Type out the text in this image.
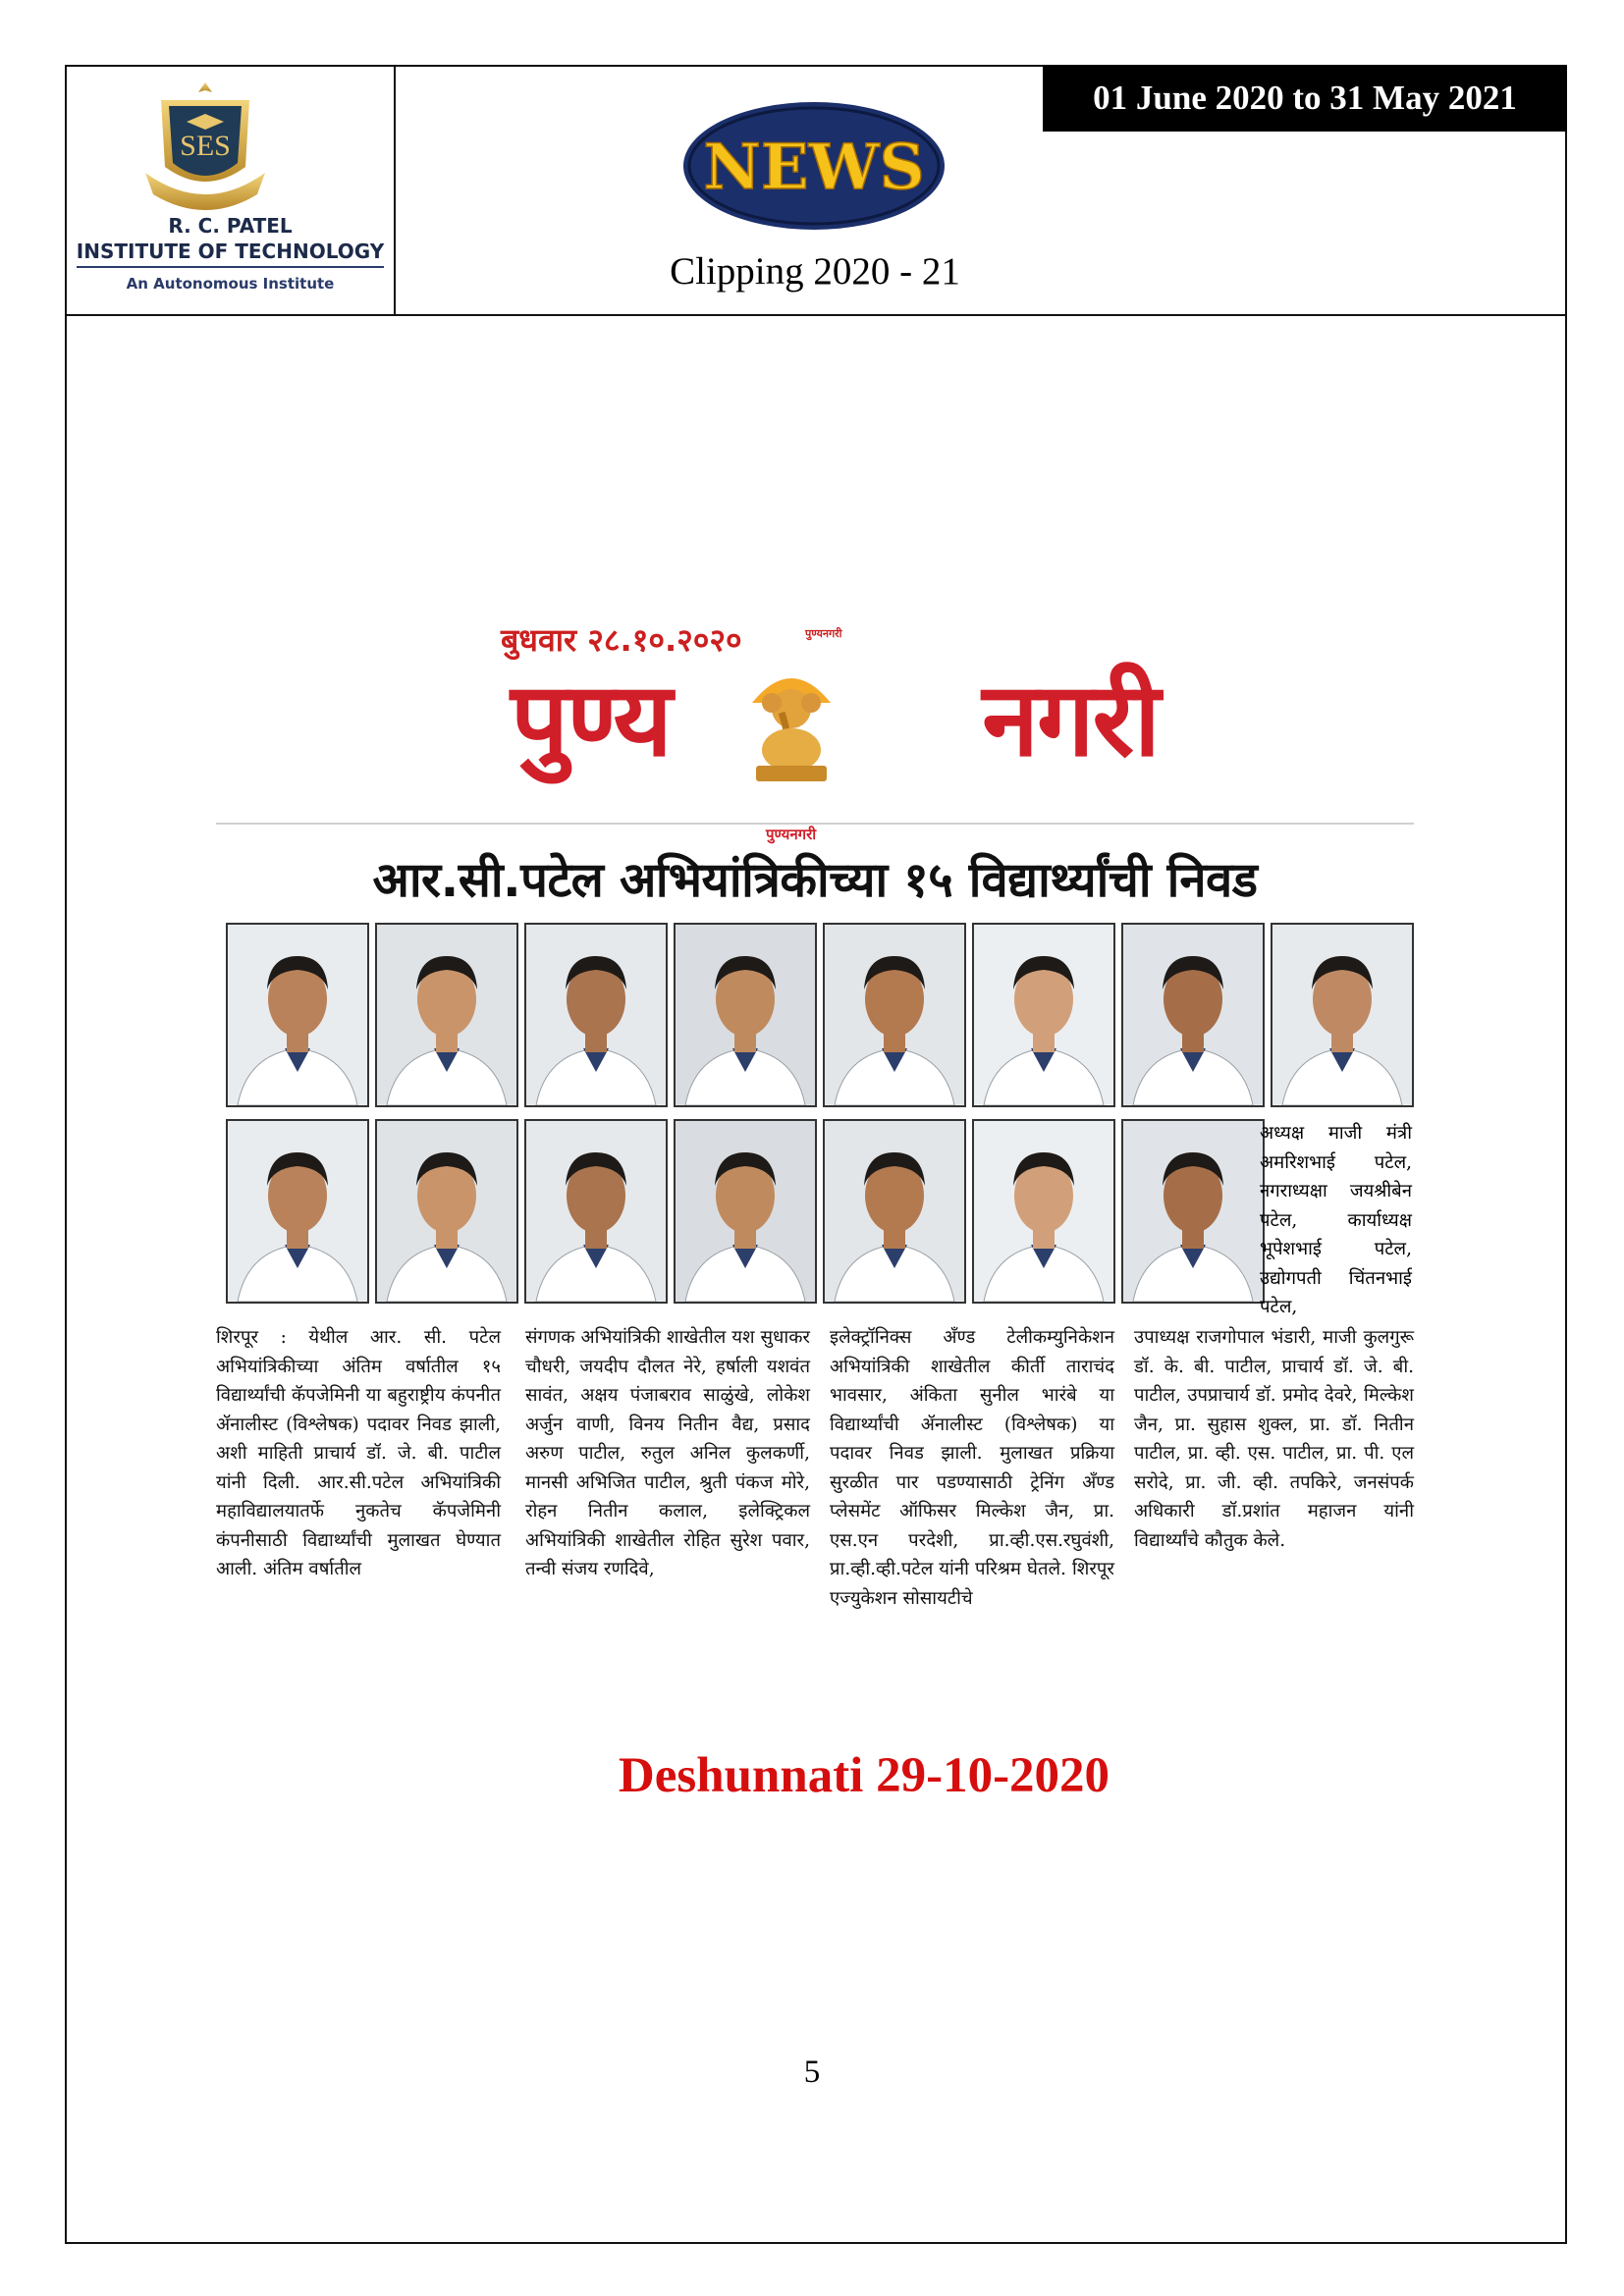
SES
R. C. PATEL
INSTITUTE OF TECHNOLOGY
An Autonomous Institute
01 June 2020 to 31 May 2021
NEWS
Clipping 2020 - 21
बुधवार २८.१०.२०२०	पुण्यनगरी
पुण्य	नगरी
पुण्यनगरी
आर.सी.पटेल अभियांत्रिकीच्या १५ विद्यार्थ्यांची निवड
अध्यक्ष माजी मंत्री अमरिशभाई पटेल, नगराध्यक्षा जयश्रीबेन पटेल, कार्याध्यक्ष भूपेशभाई पटेल, उद्योगपती चिंतनभाई पटेल,
शिरपूर : येथील आर. सी. पटेल अभियांत्रिकीच्या अंतिम वर्षातील १५ विद्यार्थ्यांची कॅपजेमिनी या बहुराष्ट्रीय कंपनीत ॲनालीस्ट (विश्लेषक) पदावर निवड झाली, अशी माहिती प्राचार्य डॉ. जे. बी. पाटील यांनी दिली. आर.सी.पटेल अभियांत्रिकी महाविद्यालयातर्फे नुकतेच कॅपजेमिनी कंपनीसाठी विद्यार्थ्यांची मुलाखत घेण्यात आली. अंतिम वर्षातील
संगणक अभियांत्रिकी शाखेतील यश सुधाकर चौधरी, जयदीप दौलत नेरे, हर्षाली यशवंत सावंत, अक्षय पंजाबराव साळुंखे, लोकेश अर्जुन वाणी, विनय नितीन वैद्य, प्रसाद अरुण पाटील, रुतुल अनिल कुलकर्णी, मानसी अभिजित पाटील, श्रुती पंकज मोरे, रोहन नितीन कलाल, इलेक्ट्रिकल अभियांत्रिकी शाखेतील रोहित सुरेश पवार, तन्वी संजय रणदिवे,
इलेक्ट्रॉनिक्स अँण्ड टेलीकम्युनिकेशन अभियांत्रिकी शाखेतील कीर्ती ताराचंद भावसार, अंकिता सुनील भारंबे या विद्यार्थ्यांची ॲनालीस्ट (विश्लेषक) या पदावर निवड झाली. मुलाखत प्रक्रिया सुरळीत पार पडण्यासाठी ट्रेनिंग अँण्ड प्लेसमेंट ऑफिसर मिल्केश जैन, प्रा. एस.एन परदेशी, प्रा.व्ही.एस.रघुवंशी, प्रा.व्ही.व्ही.पटेल यांनी परिश्रम घेतले. शिरपूर एज्युकेशन सोसायटीचे
उपाध्यक्ष राजगोपाल भंडारी, माजी कुलगुरू डॉ. के. बी. पाटील, प्राचार्य डॉ. जे. बी. पाटील, उपप्राचार्य डॉ. प्रमोद देवरे, मिल्केश जैन, प्रा. सुहास शुक्ल, प्रा. डॉ. नितीन पाटील, प्रा. व्ही. एस. पाटील, प्रा. पी. एल सरोदे, प्रा. जी. व्ही. तपकिरे, जनसंपर्क अधिकारी डॉ.प्रशांत महाजन यांनी विद्यार्थ्यांचे कौतुक केले.
Deshunnati 29-10-2020
5
